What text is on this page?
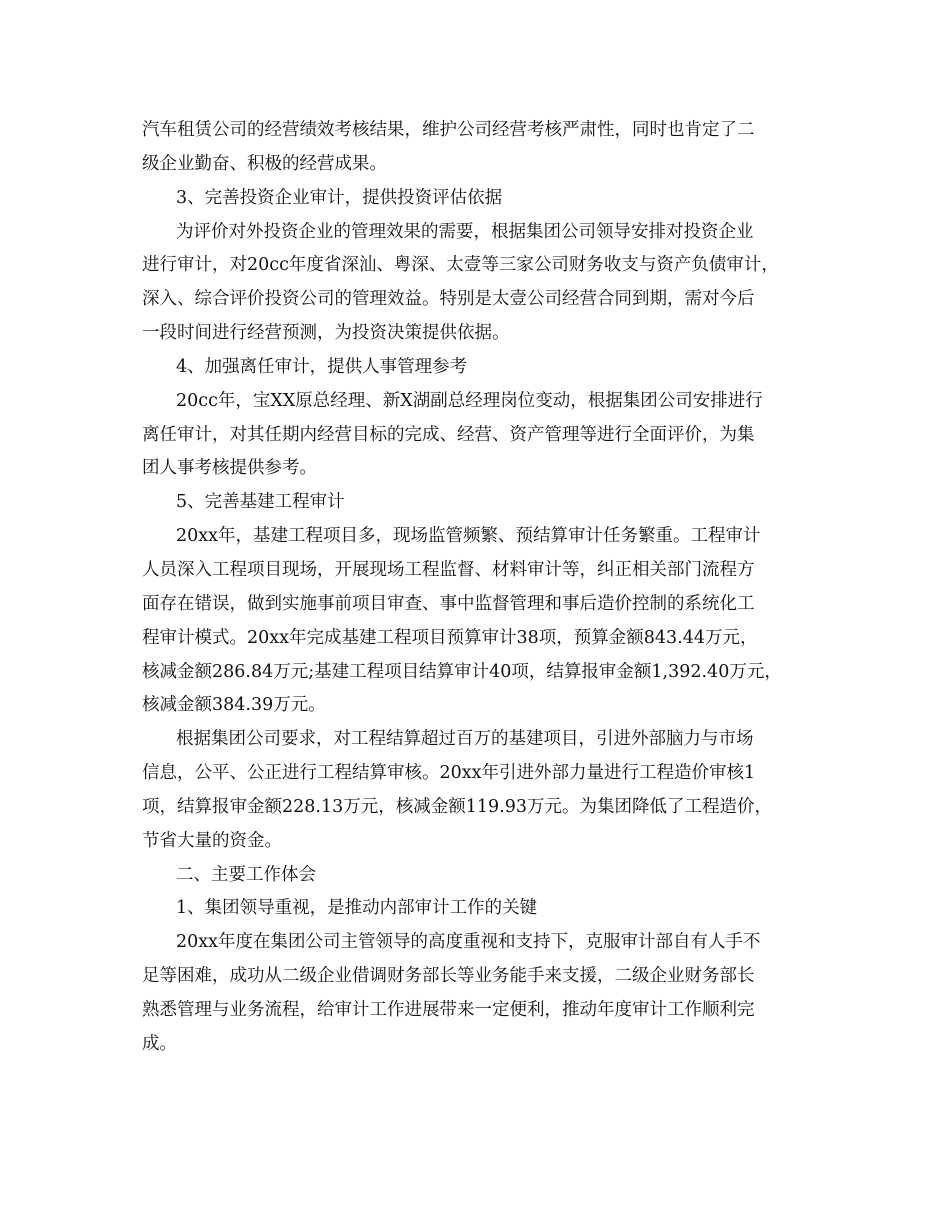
汽车租赁公司的经营绩效考核结果，维护公司经营考核严肃性，同时也肯定了二
级企业勤奋、积极的经营成果。
3、完善投资企业审计，提供投资评估依据
为评价对外投资企业的管理效果的需要，根据集团公司领导安排对投资企业
进行审计，对20cc年度省深汕、粤深、太壹等三家公司财务收支与资产负债审计，
深入、综合评价投资公司的管理效益。特别是太壹公司经营合同到期，需对今后
一段时间进行经营预测，为投资决策提供依据。
4、加强离任审计，提供人事管理参考
20cc年，宝XX原总经理、新X湖副总经理岗位变动，根据集团公司安排进行
离任审计，对其任期内经营目标的完成、经营、资产管理等进行全面评价，为集
团人事考核提供参考。
5、完善基建工程审计
20xx年，基建工程项目多，现场监管频繁、预结算审计任务繁重。工程审计
人员深入工程项目现场，开展现场工程监督、材料审计等，纠正相关部门流程方
面存在错误，做到实施事前项目审查、事中监督管理和事后造价控制的系统化工
程审计模式。20xx年完成基建工程项目预算审计38项，预算金额843.44万元，
核减金额286.84万元;基建工程项目结算审计40项，结算报审金额1,392.40万元，
核减金额384.39万元。
根据集团公司要求，对工程结算超过百万的基建项目，引进外部脑力与市场
信息，公平、公正进行工程结算审核。20xx年引进外部力量进行工程造价审核1
项，结算报审金额228.13万元，核减金额119.93万元。为集团降低了工程造价，
节省大量的资金。
二、主要工作体会
1、集团领导重视，是推动内部审计工作的关键
20xx年度在集团公司主管领导的高度重视和支持下，克服审计部自有人手不
足等困难，成功从二级企业借调财务部长等业务能手来支援，二级企业财务部长
熟悉管理与业务流程，给审计工作进展带来一定便利，推动年度审计工作顺利完
成。
